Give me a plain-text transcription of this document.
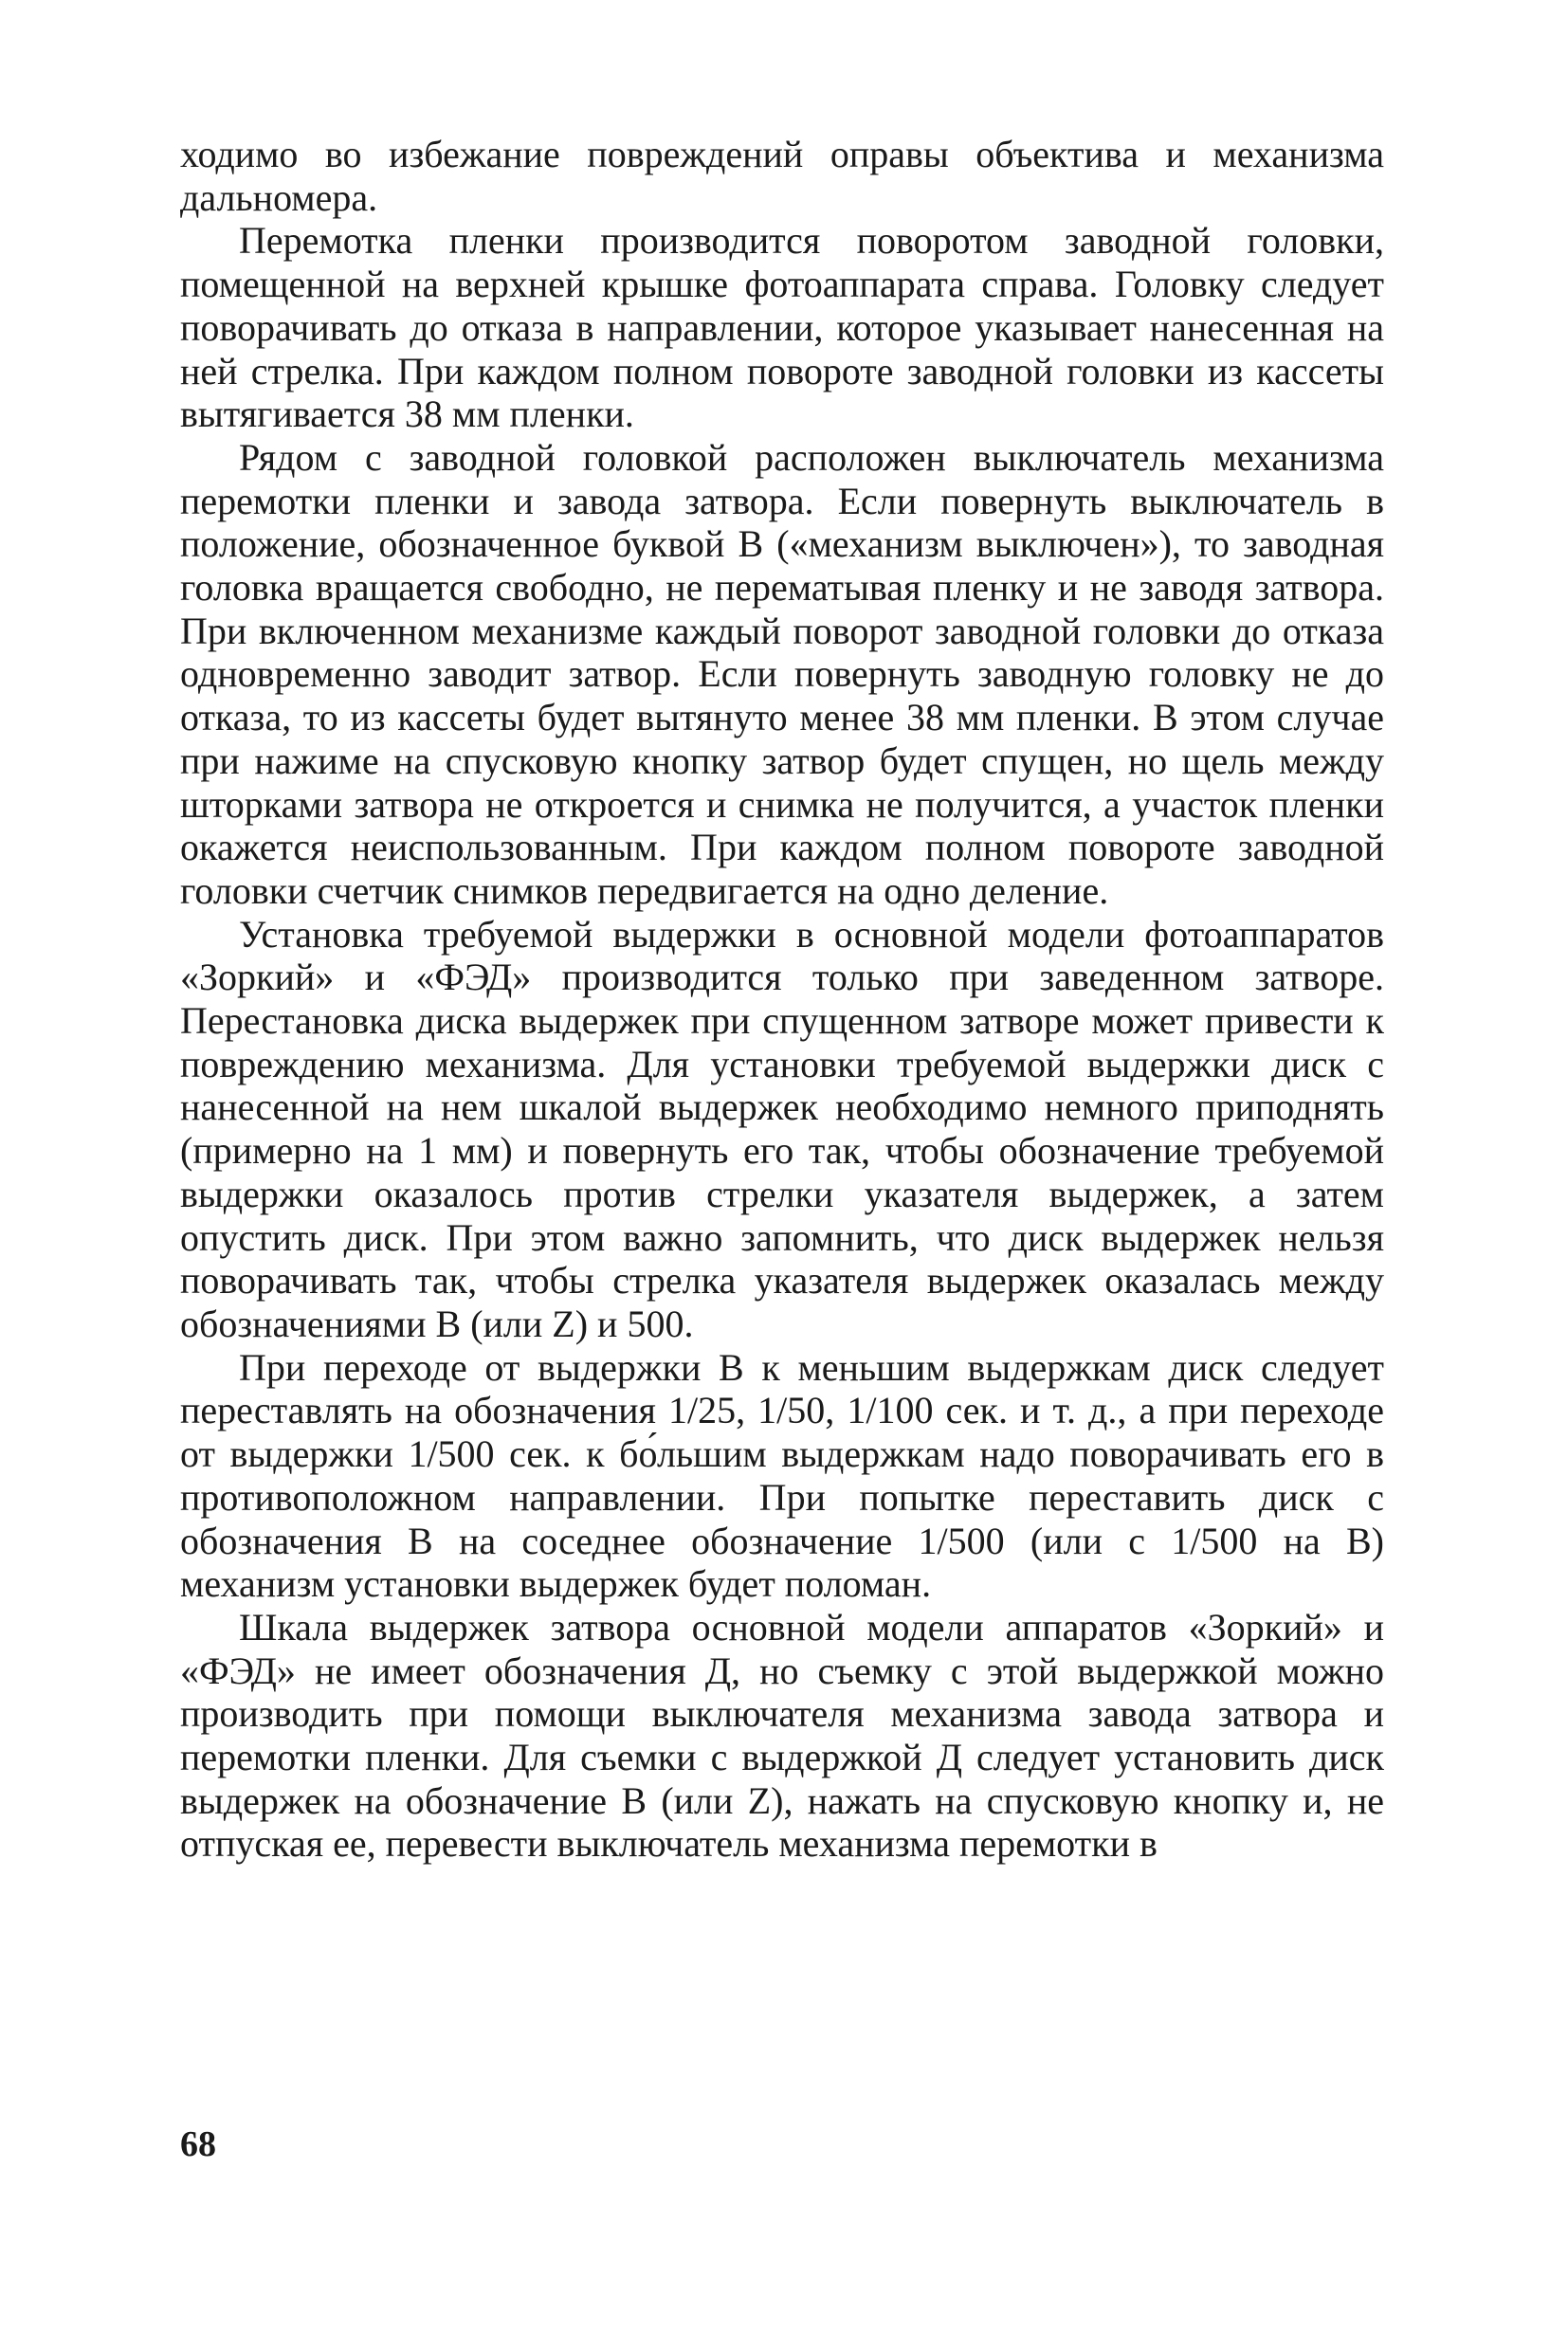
ходимо во избежание повреждений оправы объектива и механизма дальномера.

Перемотка пленки производится поворотом заводной головки, помещенной на верхней крышке фотоаппарата справа. Головку следует поворачивать до отказа в направлении, которое указывает нанесенная на ней стрелка. При каждом полном повороте заводной головки из кассеты вытягивается 38 мм пленки.

Рядом с заводной головкой расположен выключатель механизма перемотки пленки и завода затвора. Если повернуть выключатель в положение, обозначенное буквой В («механизм выключен»), то заводная головка вращается свободно, не перематывая пленку и не заводя затвора. При включенном механизме каждый поворот заводной головки до отказа одновременно заводит затвор. Если повернуть заводную головку не до отказа, то из кассеты будет вытянуто менее 38 мм пленки. В этом случае при нажиме на спусковую кнопку затвор будет спущен, но щель между шторками затвора не откроется и снимка не получится, а участок пленки окажется неиспользованным. При каждом полном повороте заводной головки счетчик снимков передвигается на одно деление.

Установка требуемой выдержки в основной модели фотоаппаратов «Зоркий» и «ФЭД» производится только при заведенном затворе. Перестановка диска выдержек при спущенном затворе может привести к повреждению механизма. Для установки требуемой выдержки диск с нанесенной на нем шкалой выдержек необходимо немного приподнять (примерно на 1 мм) и повернуть его так, чтобы обозначение требуемой выдержки оказалось против стрелки указателя выдержек, а затем опустить диск. При этом важно запомнить, что диск выдержек нельзя поворачивать так, чтобы стрелка указателя выдержек оказалась между обозначениями В (или Z) и 500.

При переходе от выдержки В к меньшим выдержкам диск следует переставлять на обозначения 1/25, 1/50, 1/100 сек. и т. д., а при переходе от выдержки 1/500 сек. к бо́льшим выдержкам надо поворачивать его в противоположном направлении. При попытке переставить диск с обозначения В на соседнее обозначение 1/500 (или с 1/500 на В) механизм установки выдержек будет поломан.

Шкала выдержек затвора основной модели аппаратов «Зоркий» и «ФЭД» не имеет обозначения Д, но съемку с этой выдержкой можно производить при помощи выключателя механизма завода затвора и перемотки пленки. Для съемки с выдержкой Д следует установить диск выдержек на обозначение В (или Z), нажать на спусковую кнопку и, не отпуская ее, перевести выключатель механизма перемотки в

68
